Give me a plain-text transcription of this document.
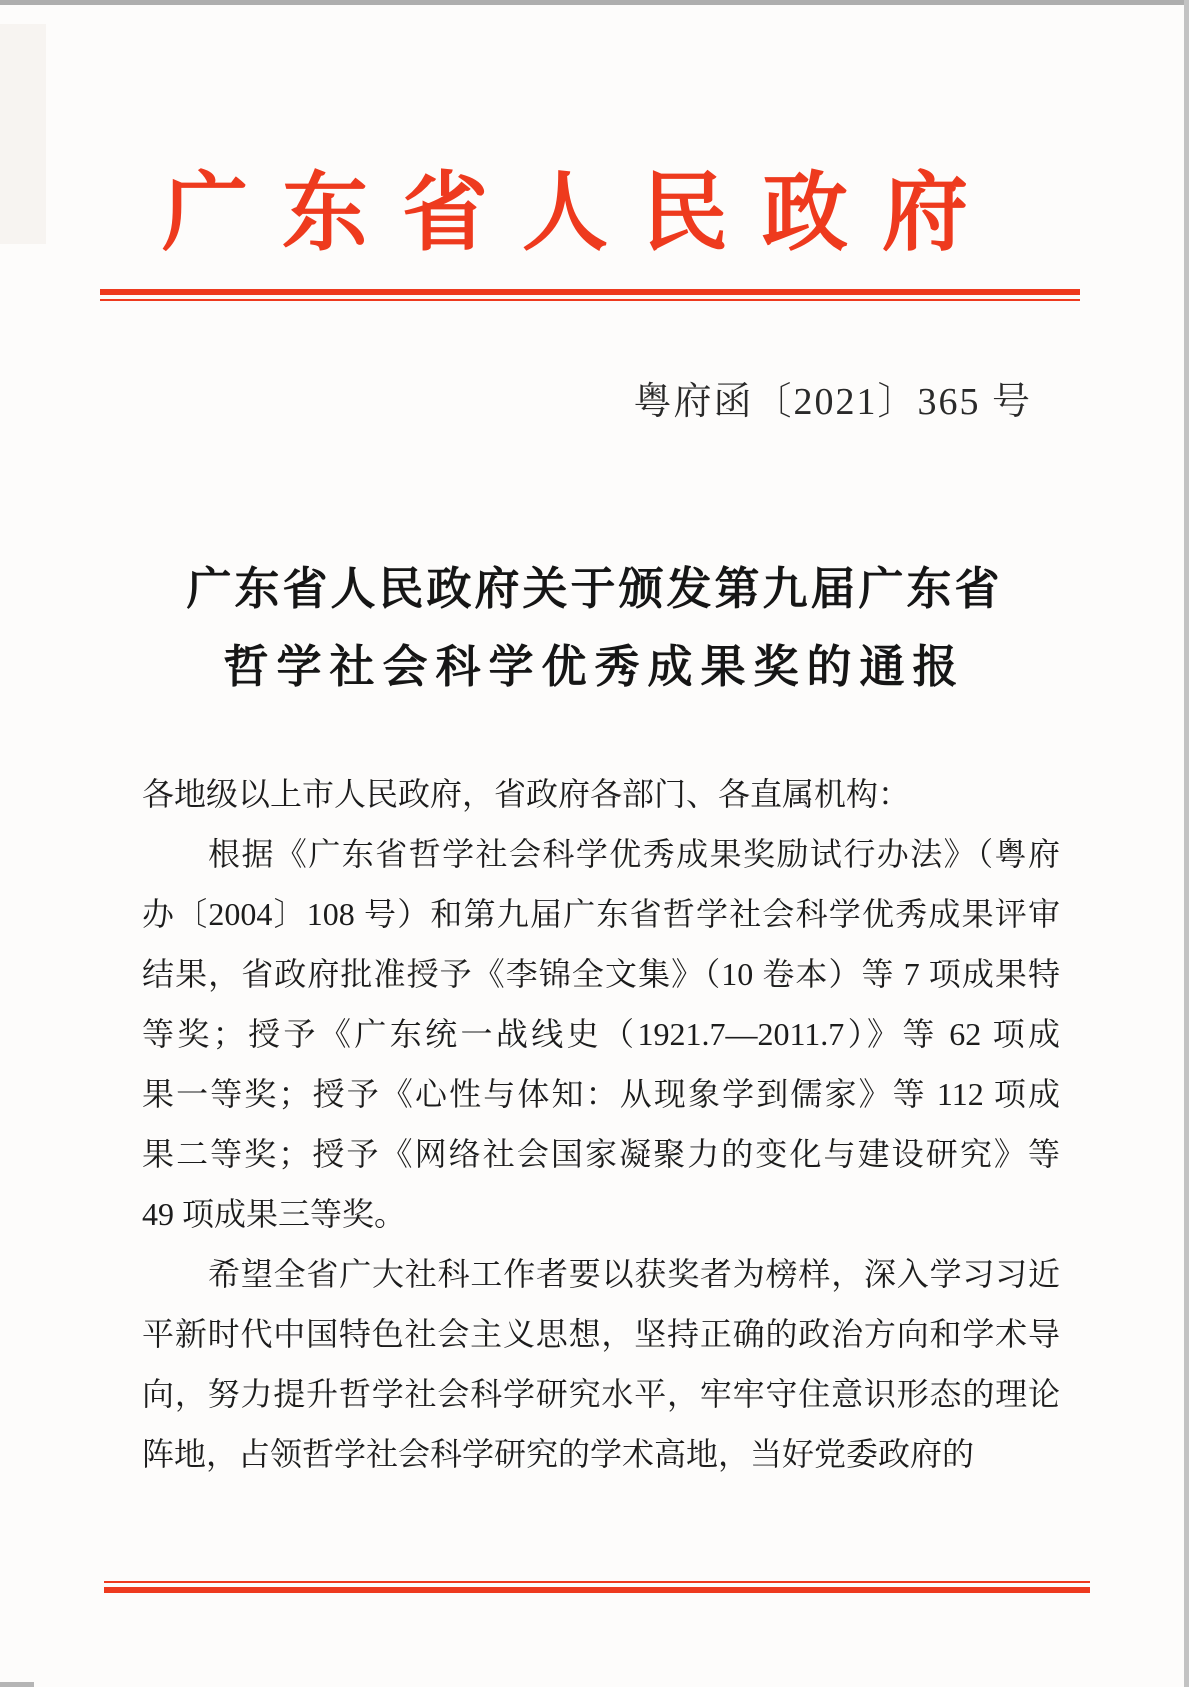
广东省人民政府
粤府函〔2021〕365 号
广东省人民政府关于颁发第九届广东省
哲学社会科学优秀成果奖的通报
各地级以上市人民政府，省政府各部门、各直属机构：
根据《广东省哲学社会科学优秀成果奖励试行办法》（粤府
办〔2004〕108 号）和第九届广东省哲学社会科学优秀成果评审
结果，省政府批准授予《李锦全文集》（10 卷本）等 7 项成果特
等奖；授予《广东统一战线史（1921.7—2011.7）》等 62 项成
果一等奖；授予《心性与体知：从现象学到儒家》等 112 项成
果二等奖；授予《网络社会国家凝聚力的变化与建设研究》等
49 项成果三等奖。
希望全省广大社科工作者要以获奖者为榜样，深入学习习近
平新时代中国特色社会主义思想，坚持正确的政治方向和学术导
向，努力提升哲学社会科学研究水平，牢牢守住意识形态的理论
阵地，占领哲学社会科学研究的学术高地，当好党委政府的
